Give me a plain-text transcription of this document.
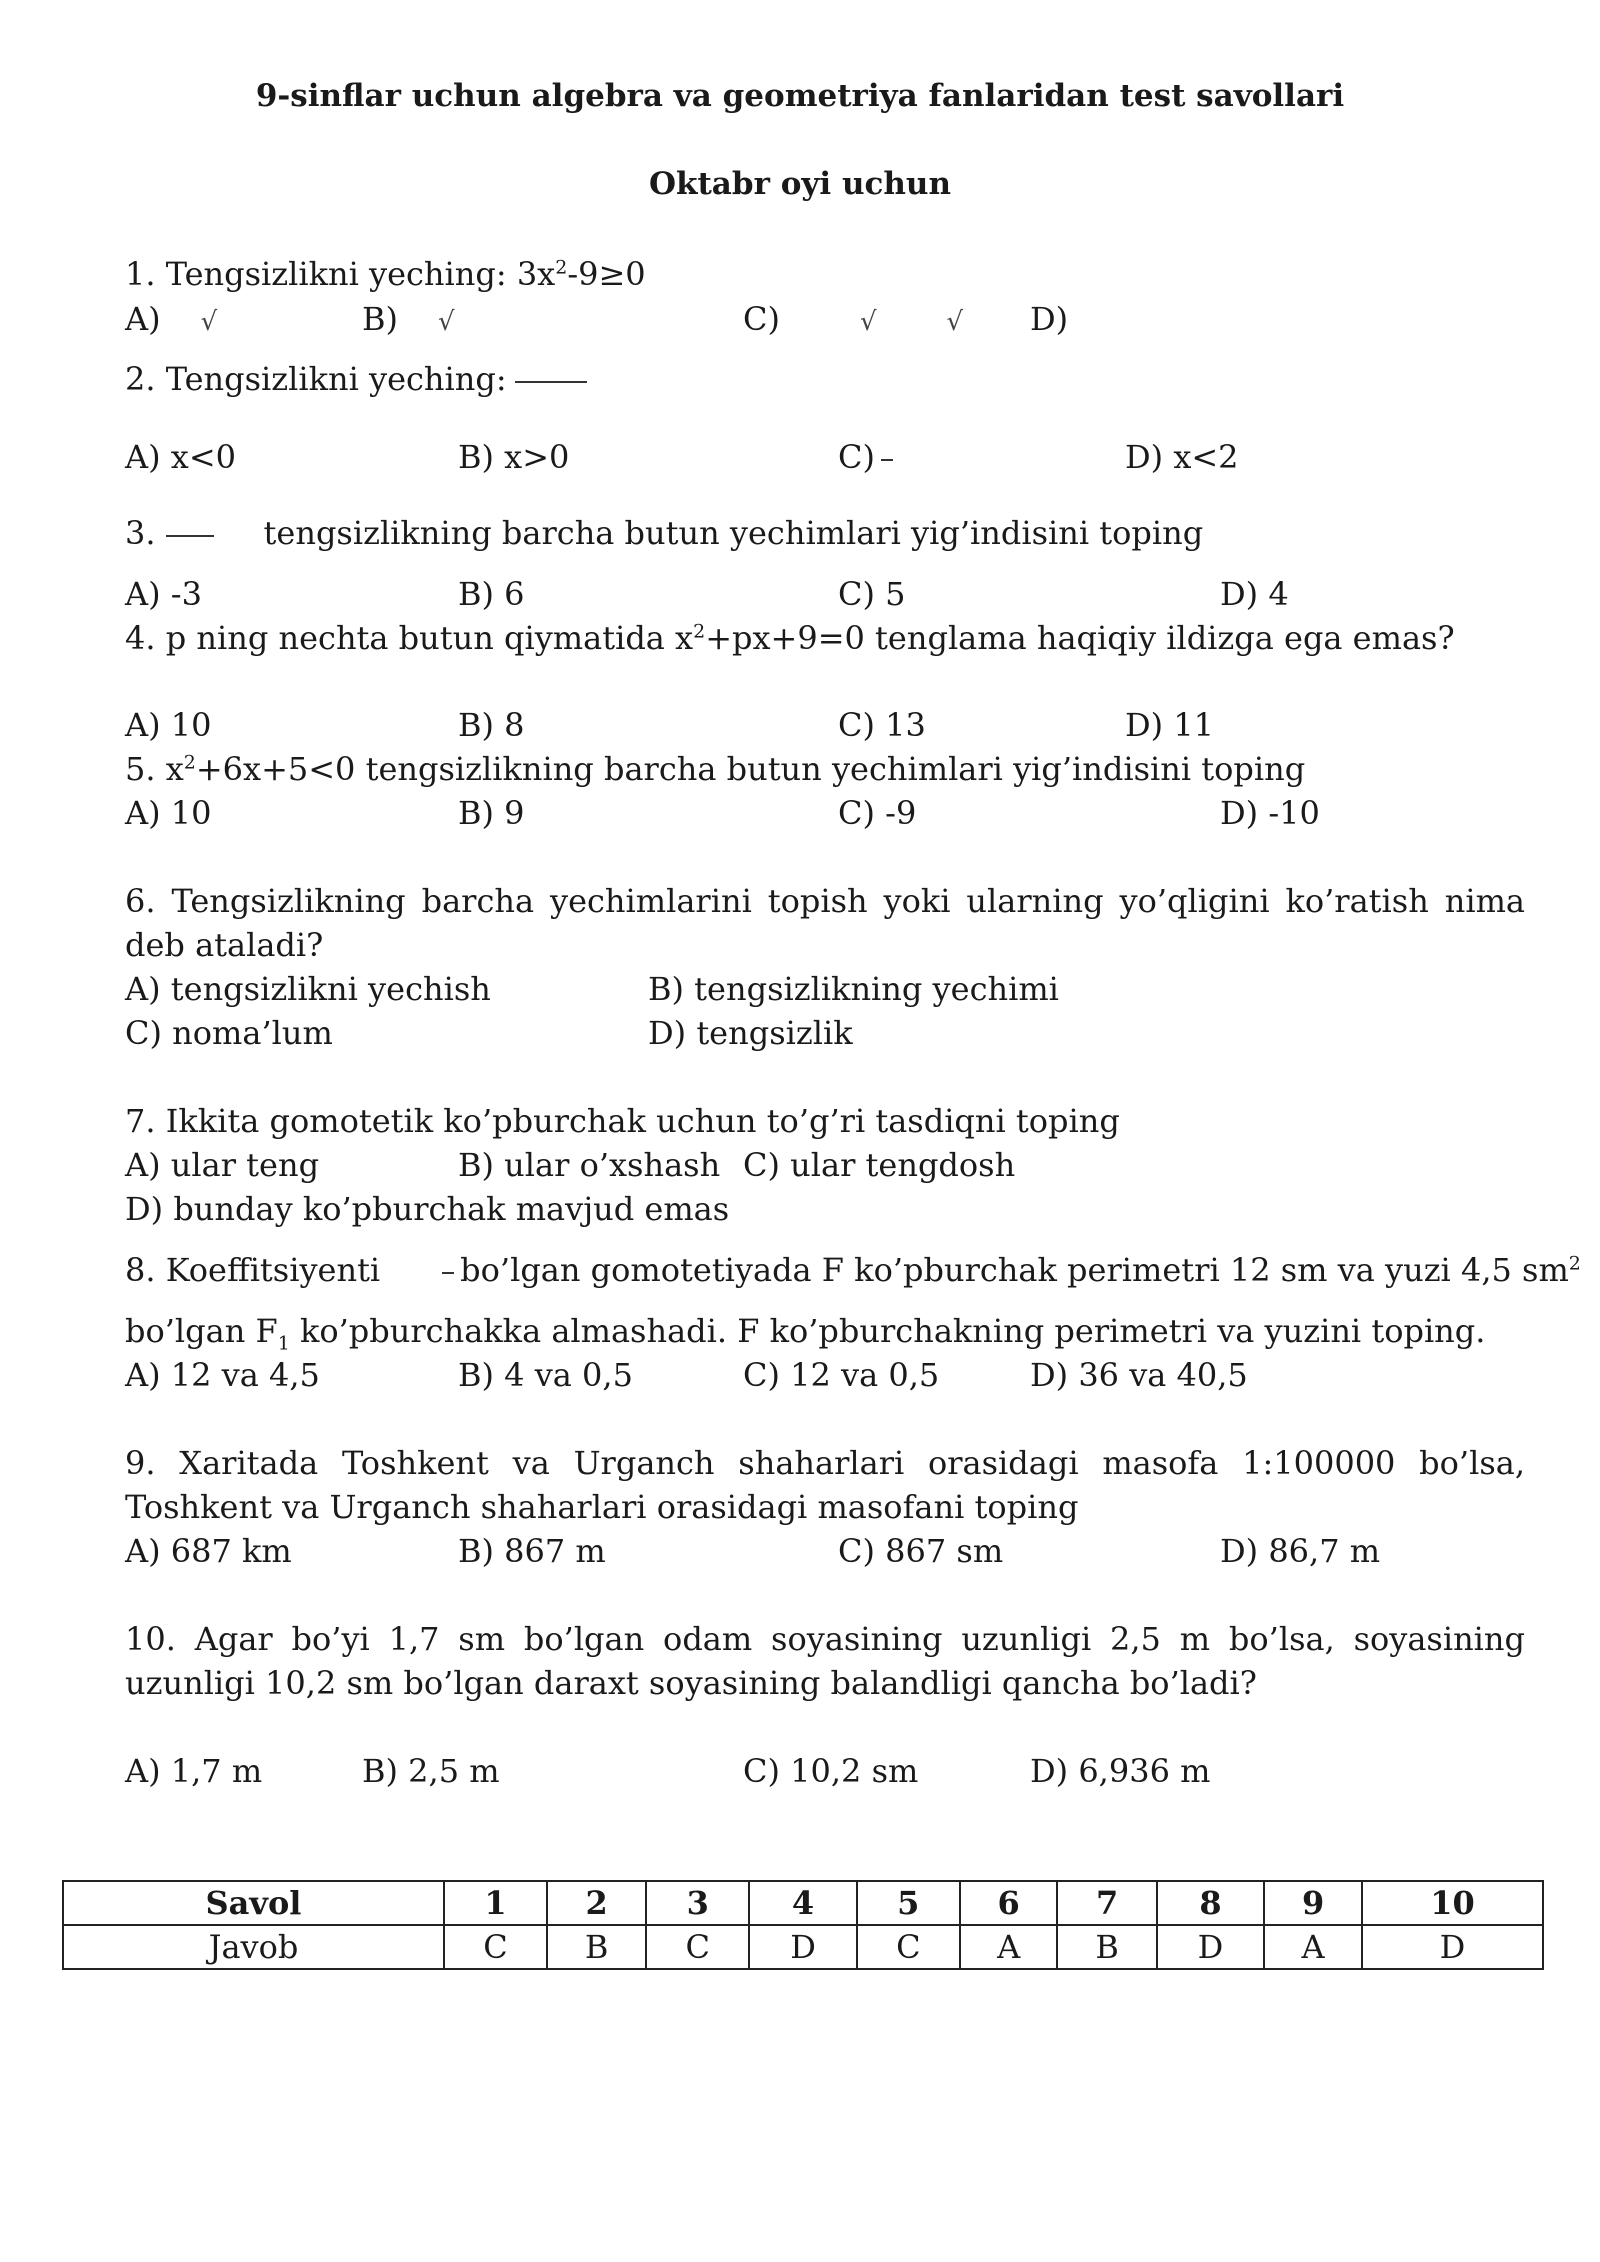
9-sinflar uchun algebra va geometriya fanlaridan test savollari
Oktabr oyi uchun
1. Tengsizlikni yeching: $3x^2-9\ge 0$
A) √	B) √	C)	√	√ D)
2. Tengsizlikni yeching:
A) x<0	B) x>0	C)	D) x<2
3.	tengsizlikning barcha butun yechimlari yig’indisini toping
A) -3	B) 6	C) 5	D) 4
4. p ning nechta butun qiymatida $x^2+px+9=0$ tenglama haqiqiy ildizga ega emas?
A) 10	B) 8	C) 13	D) 11
5. $x^2+6x+5<0$ tengsizlikning barcha butun yechimlari yig’indisini toping
A) 10	B) 9	C) -9	D) -10
6. Tengsizlikning barcha yechimlarini topish yoki ularning yo’qligini ko’ratish nima deb ataladi?
A) tengsizlikni yechish	B) tengsizlikning yechimi
C) noma’lum	D) tengsizlik
7. Ikkita gomotetik ko’pburchak uchun to’g’ri tasdiqni toping
A) ular teng	B) ular o’xshash C) ular tengdosh
D) bunday ko’pburchak mavjud emas
8. Koeffitsiyenti	bo’lgan gomotetiyada F ko’pburchak perimetri 12 sm va yuzi 4,5 $sm^2$
bo’lgan $F_1$ ko’pburchakka almashadi. F ko’pburchakning perimetri va yuzini toping.
A) 12 va 4,5	B) 4 va 0,5	C) 12 va 0,5	D) 36 va 40,5
9. Xaritada Toshkent va Urganch shaharlari orasidagi masofa 1:100000 bo’lsa, Toshkent va Urganch shaharlari orasidagi masofani toping
A) 687 km	B) 867 m	C) 867 sm	D) 86,7 m
10. Agar bo’yi 1,7 sm bo’lgan odam soyasining uzunligi 2,5 m bo’lsa, soyasining uzunligi 10,2 sm bo’lgan daraxt soyasining balandligi qancha bo’ladi?
A) 1,7 m	B) 2,5 m	C) 10,2 sm	D) 6,936 m
Savol	1	2	3	4	5	6	7	8	9	10
Javob	C	B	C	D	C	A	B	D	A	D
